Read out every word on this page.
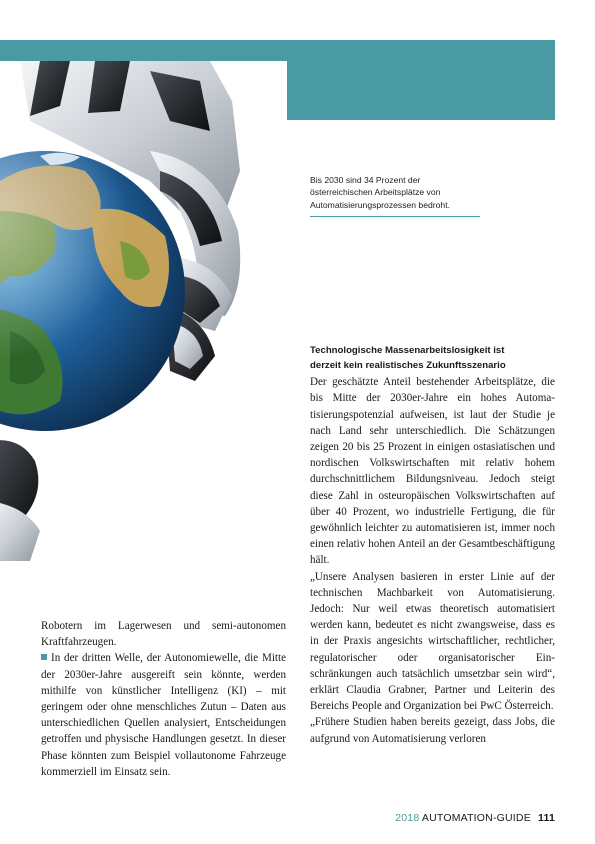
Bis 2030 sind 34 Prozent der österreichischen Arbeitsplätze von Automatisierungsprozessen bedroht.
Technologische Massenarbeitslosigkeit ist
derzeit kein realistisches Zukunftsszenario

Der geschätzte Anteil bestehender Arbeitsplätze, die bis Mitte der 2030er-Jahre ein hohes Automatisierungspotenzial aufweisen, ist laut der Studie je nach Land sehr unterschiedlich. Die Schätzungen zeigen 20 bis 25 Prozent in einigen ostasiatischen und nordischen Volkswirtschaften mit relativ hohem durchschnittlichem Bildungsniveau. Jedoch steigt diese Zahl in osteuropäischen Volkswirtschaften auf über 40 Prozent, wo industrielle Fertigung, die für gewöhnlich leichter zu automatisieren ist, immer noch einen relativ hohen Anteil an der Gesamtbeschäftigung hält.

„Unsere Analysen basieren in erster Linie auf der technischen Machbarkeit von Automatisierung. Jedoch: Nur weil etwas theoretisch automatisiert werden kann, bedeutet es nicht zwangsweise, dass es in der Praxis angesichts wirtschaftlicher, rechtlicher, regulatorischer oder organisatorischer Einschränkungen auch tatsächlich umsetzbar sein wird“, erklärt Claudia Grabner, Partner und Leiterin des Bereichs People and Organization bei PwC Österreich.

„Frühere Studien haben bereits gezeigt, dass Jobs, die aufgrund von Automatisierung verloren

Robotern im Lagerwesen und semi-autonomen Kraftfahrzeugen.

In der dritten Welle, der Autonomiewelle, die Mitte der 2030er-Jahre ausgereift sein könnte, werden mithilfe von künstlicher Intelligenz (KI) – mit geringem oder ohne menschliches Zutun – Daten aus unterschiedlichen Quellen analysiert, Entscheidungen getroffen und physische Handlungen gesetzt. In dieser Phase könnten zum Beispiel vollautonome Fahrzeuge kommerziell im Einsatz sein.

2018 AUTOMATION-GUIDE 111
